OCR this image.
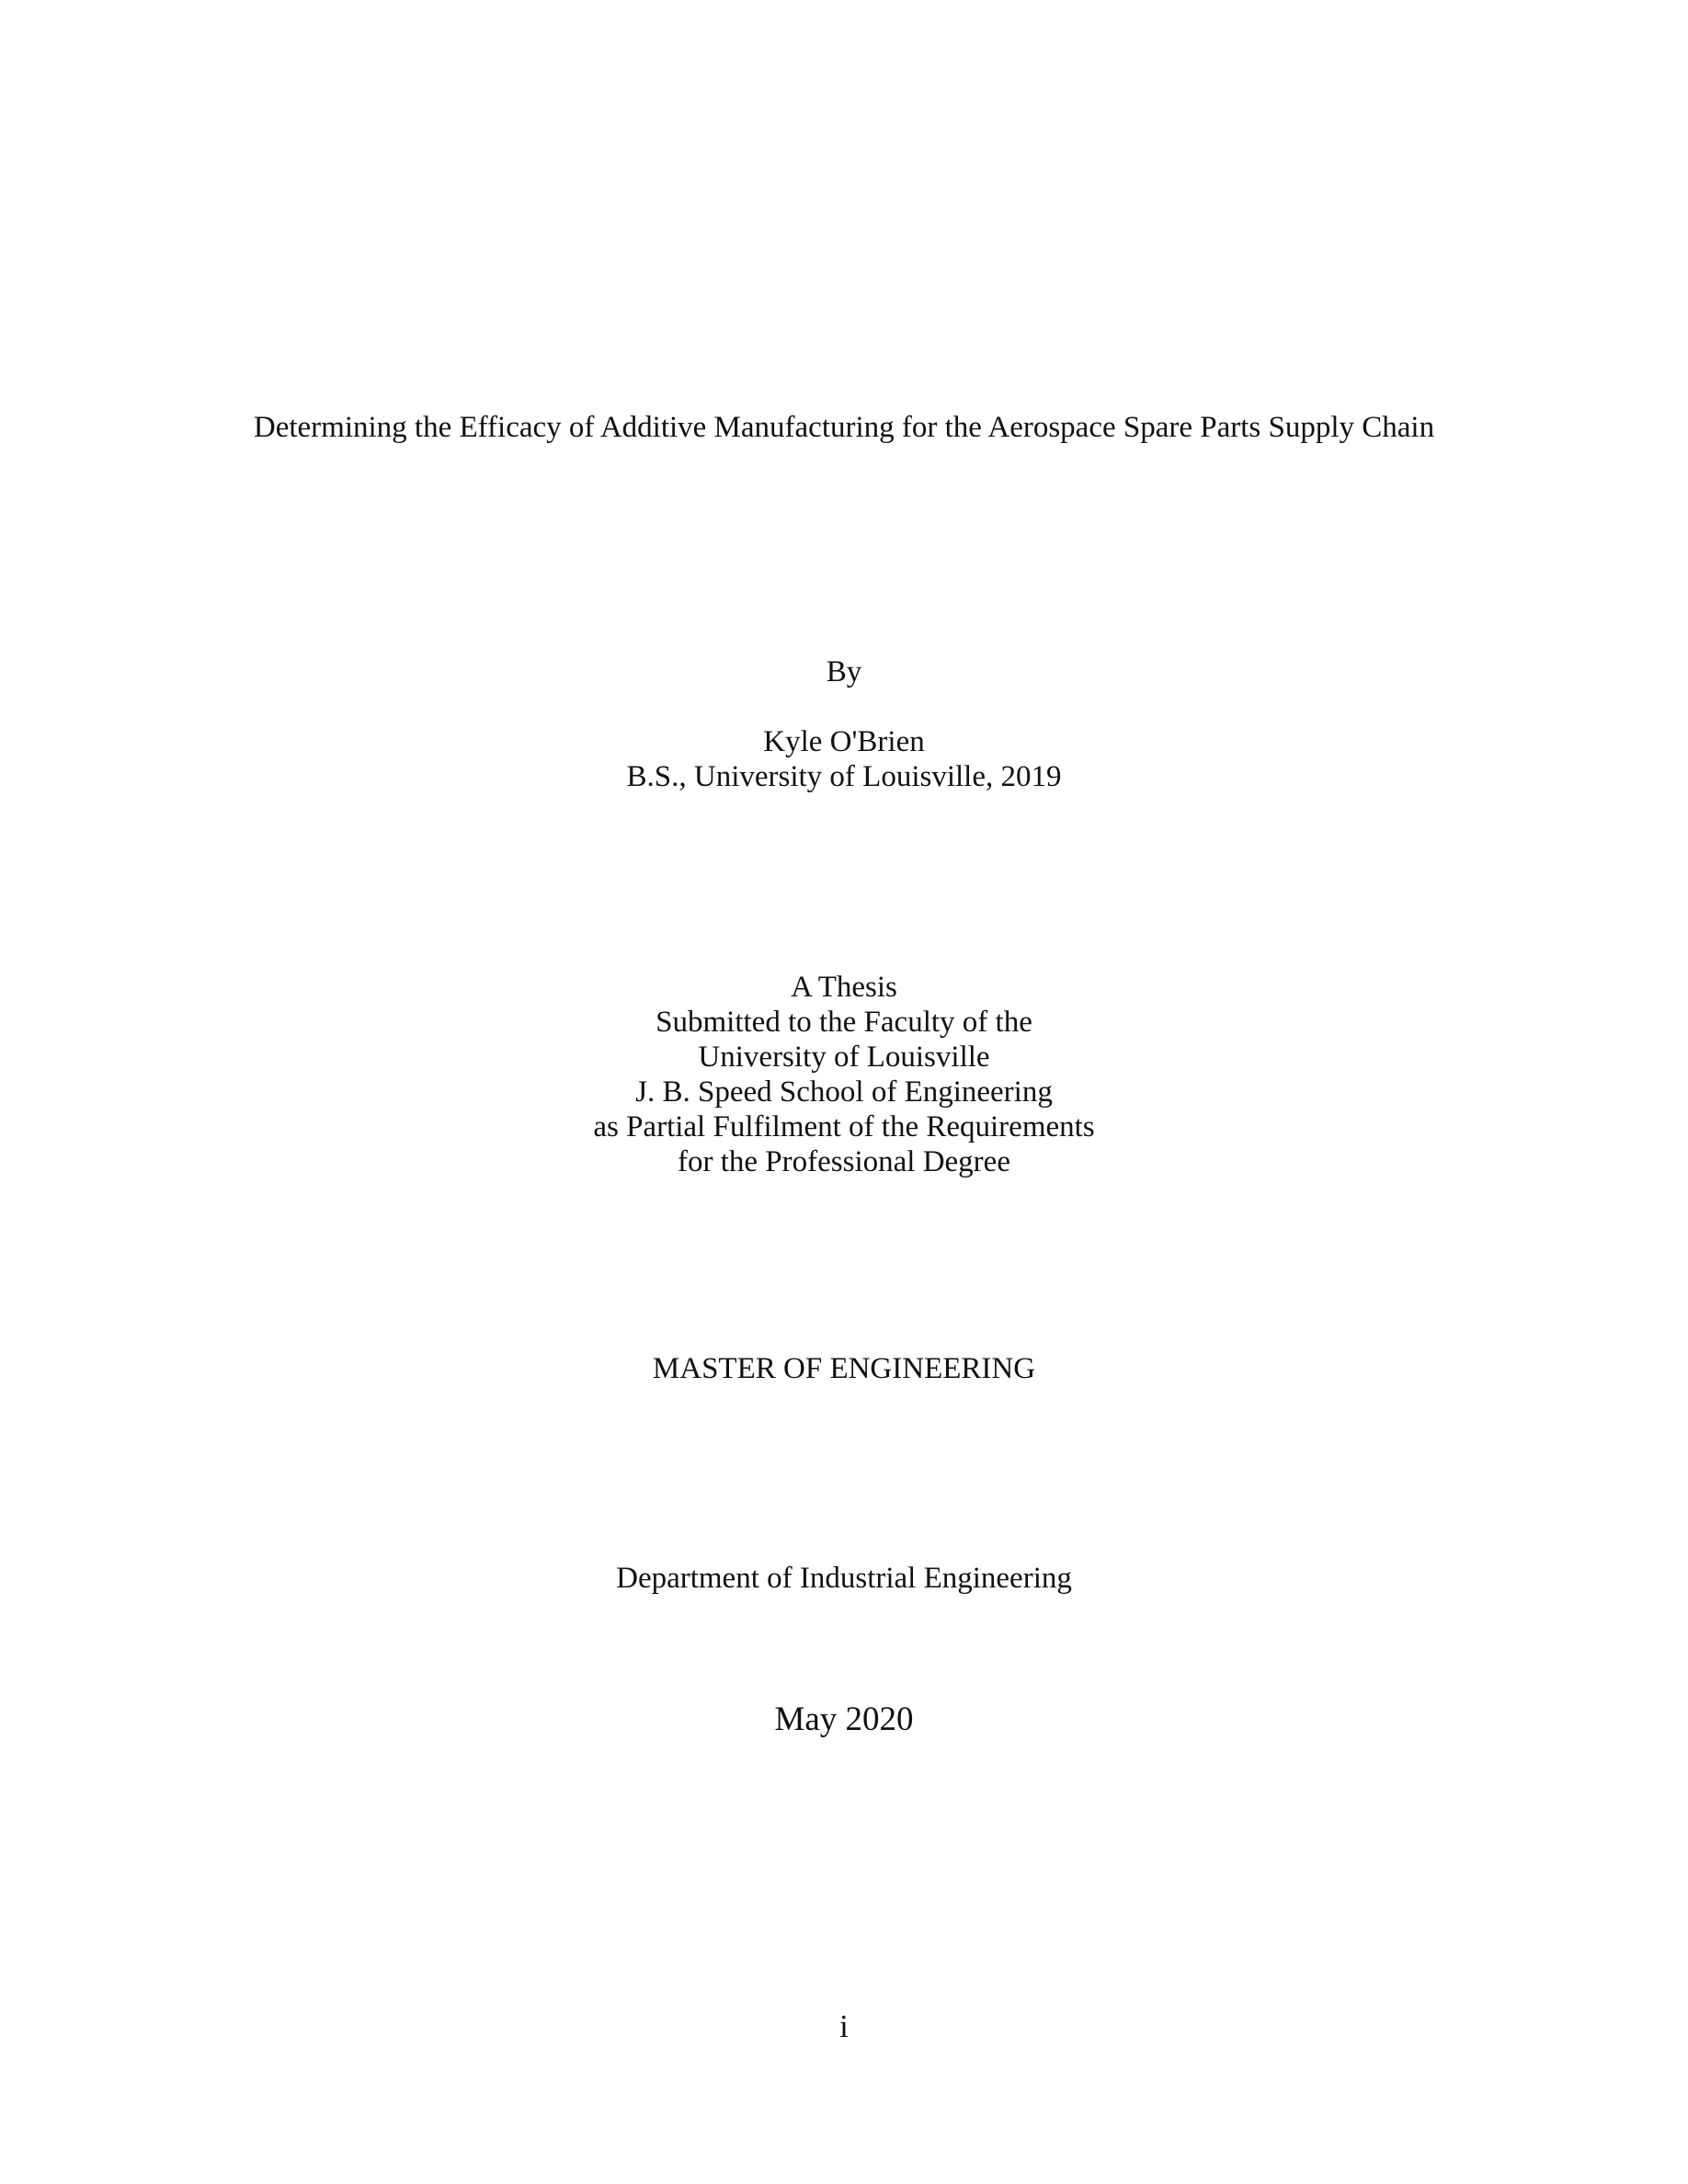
Determining the Efficacy of Additive Manufacturing for the Aerospace Spare Parts Supply Chain
By
Kyle O'Brien
B.S., University of Louisville, 2019
A Thesis
Submitted to the Faculty of the
University of Louisville
J. B. Speed School of Engineering
as Partial Fulfilment of the Requirements
for the Professional Degree
MASTER OF ENGINEERING
Department of Industrial Engineering
May 2020
i
